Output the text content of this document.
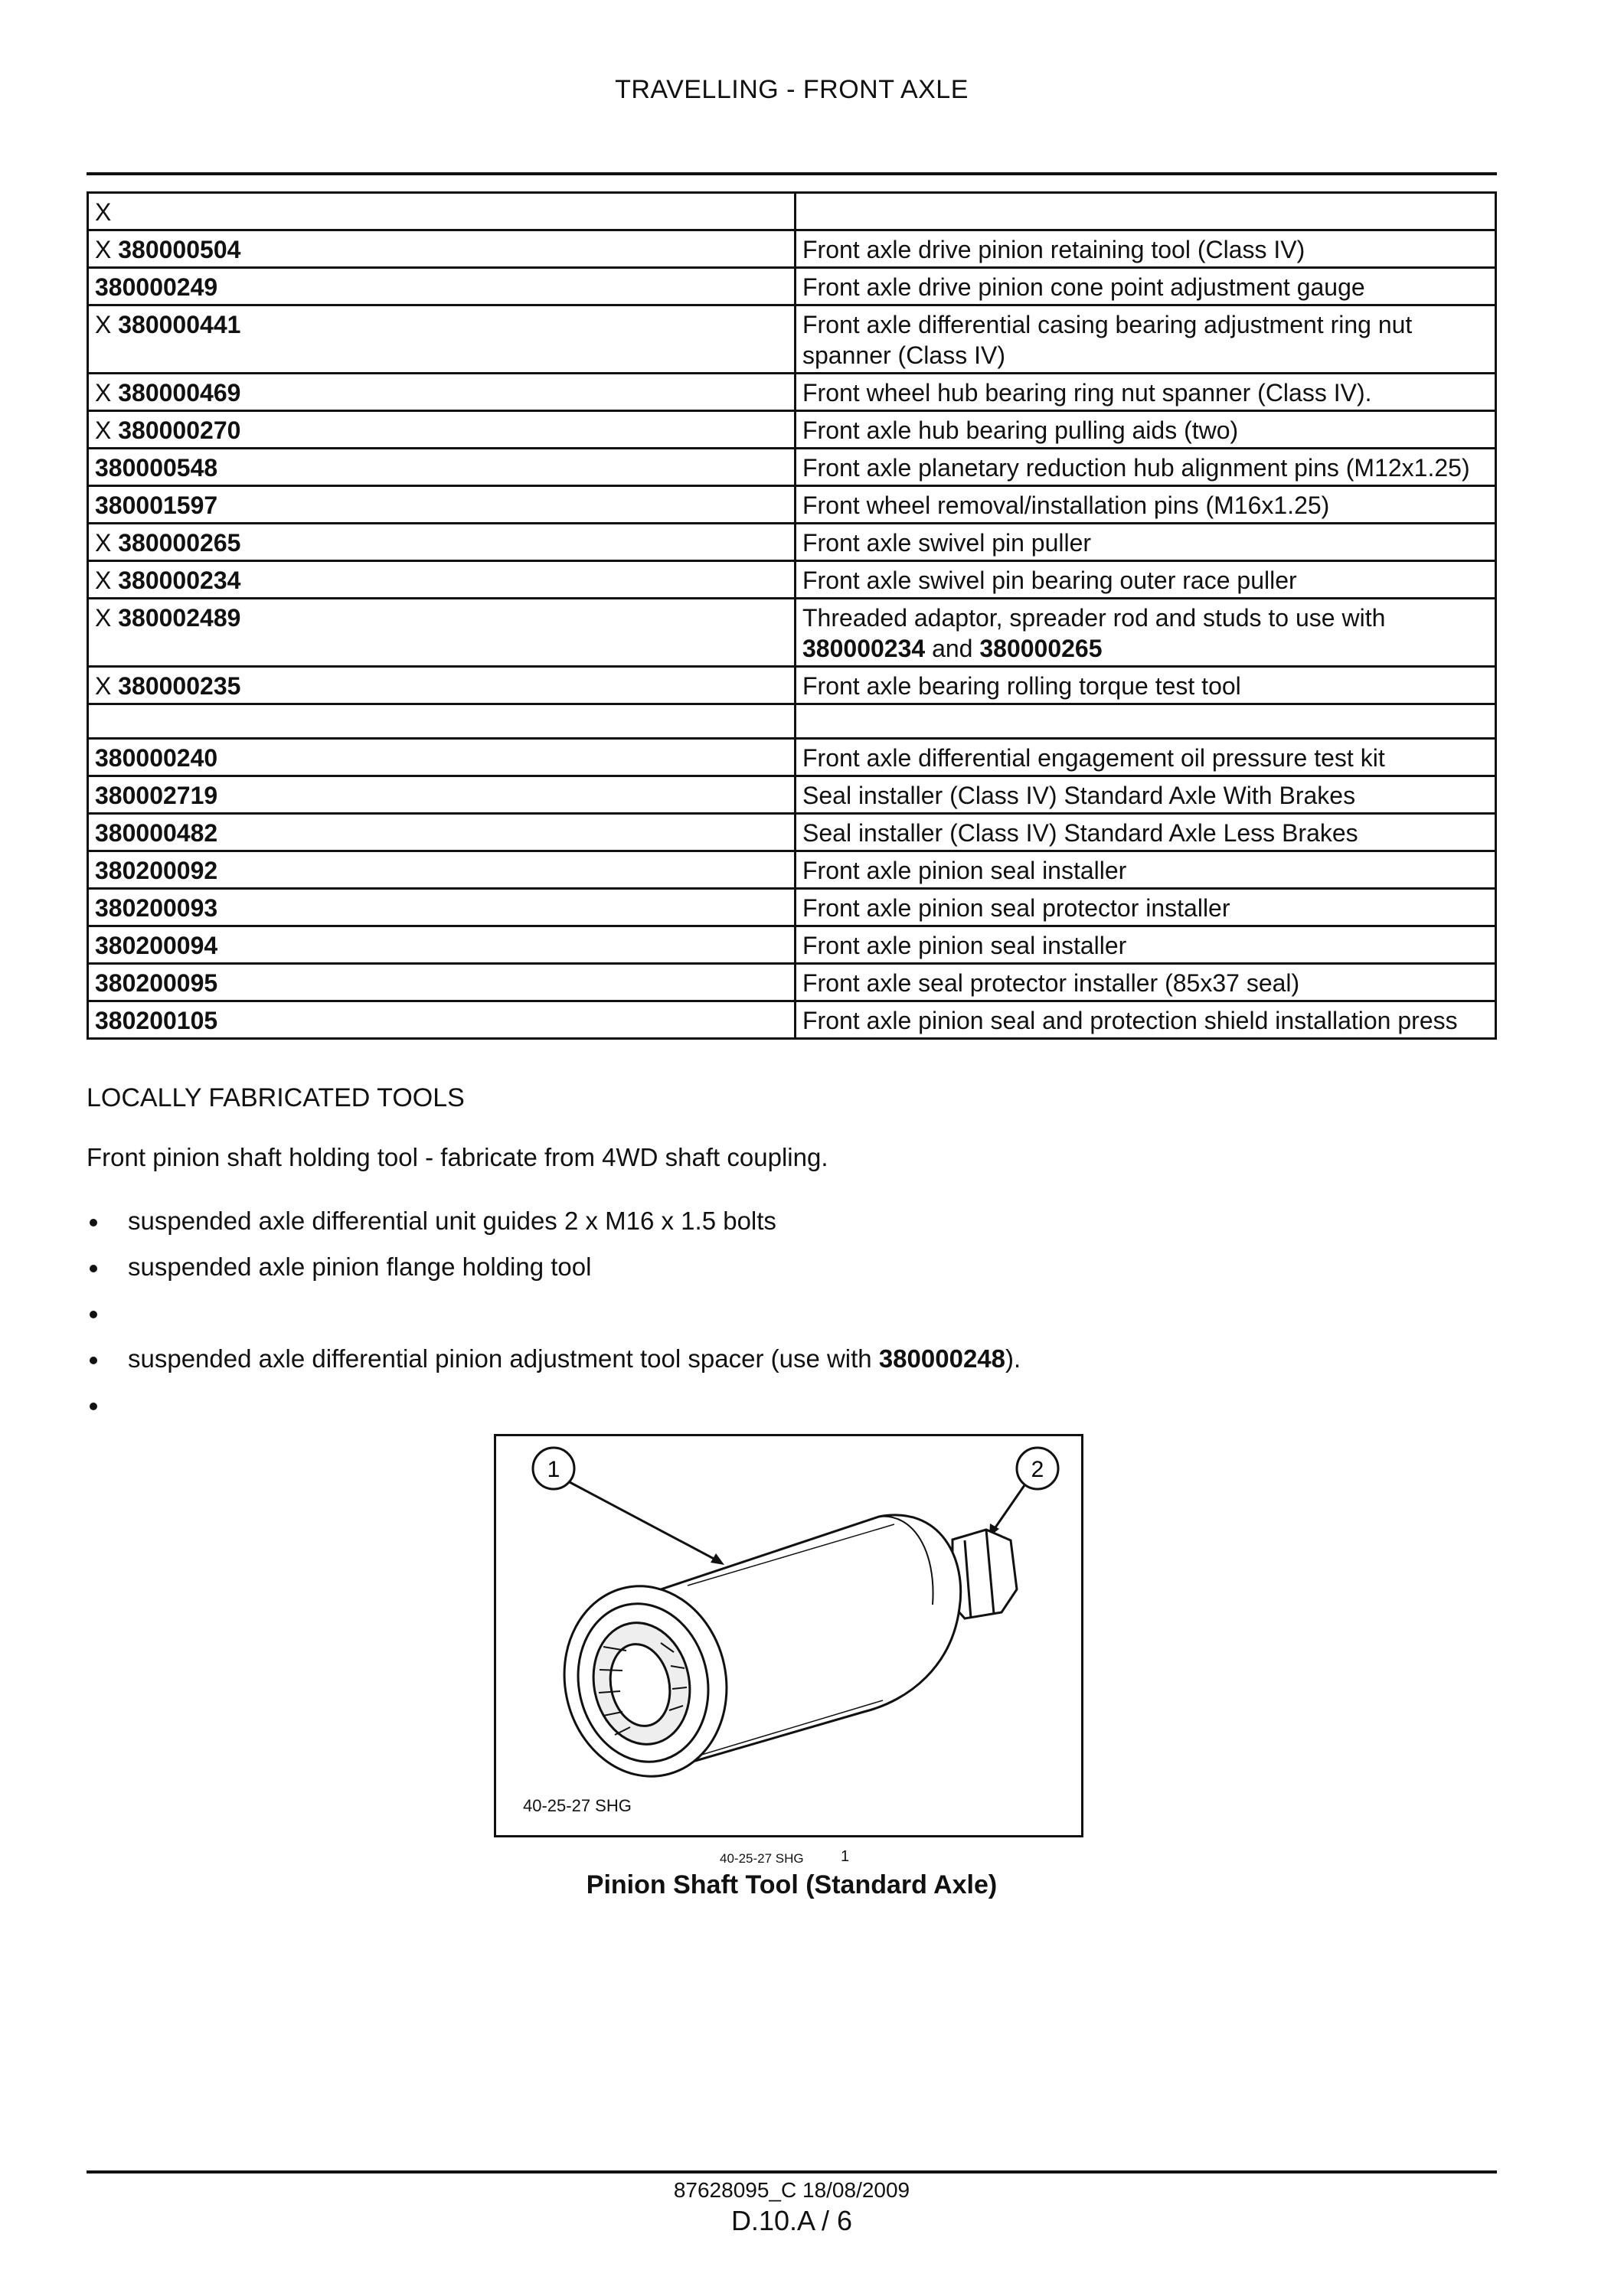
TRAVELLING - FRONT AXLE
X	
X 380000504	Front axle drive pinion retaining tool (Class IV)
380000249	Front axle drive pinion cone point adjustment gauge
X 380000441	Front axle differential casing bearing adjustment ring nut spanner (Class IV)
X 380000469	Front wheel hub bearing ring nut spanner (Class IV).
X 380000270	Front axle hub bearing pulling aids (two)
380000548	Front axle planetary reduction hub alignment pins (M12x1.25)
380001597	Front wheel removal/installation pins (M16x1.25)
X 380000265	Front axle swivel pin puller
X 380000234	Front axle swivel pin bearing outer race puller
X 380002489	Threaded adaptor, spreader rod and studs to use with 380000234 and 380000265
X 380000235	Front axle bearing rolling torque test tool

380000240	Front axle differential engagement oil pressure test kit
380002719	Seal installer (Class IV) Standard Axle With Brakes
380000482	Seal installer (Class IV) Standard Axle Less Brakes
380200092	Front axle pinion seal installer
380200093	Front axle pinion seal protector installer
380200094	Front axle pinion seal installer
380200095	Front axle seal protector installer (85x37 seal)
380200105	Front axle pinion seal and protection shield installation press
LOCALLY FABRICATED TOOLS
Front pinion shaft holding tool - fabricate from 4WD shaft coupling.
suspended axle differential unit guides 2 x M16 x 1.5 bolts
suspended axle pinion flange holding tool
suspended axle differential pinion adjustment tool spacer (use with 380000248).
1	2
40-25-27 SHG
40-25-27 SHG 1
Pinion Shaft Tool (Standard Axle)
87628095_C 18/08/2009
D.10.A / 6
